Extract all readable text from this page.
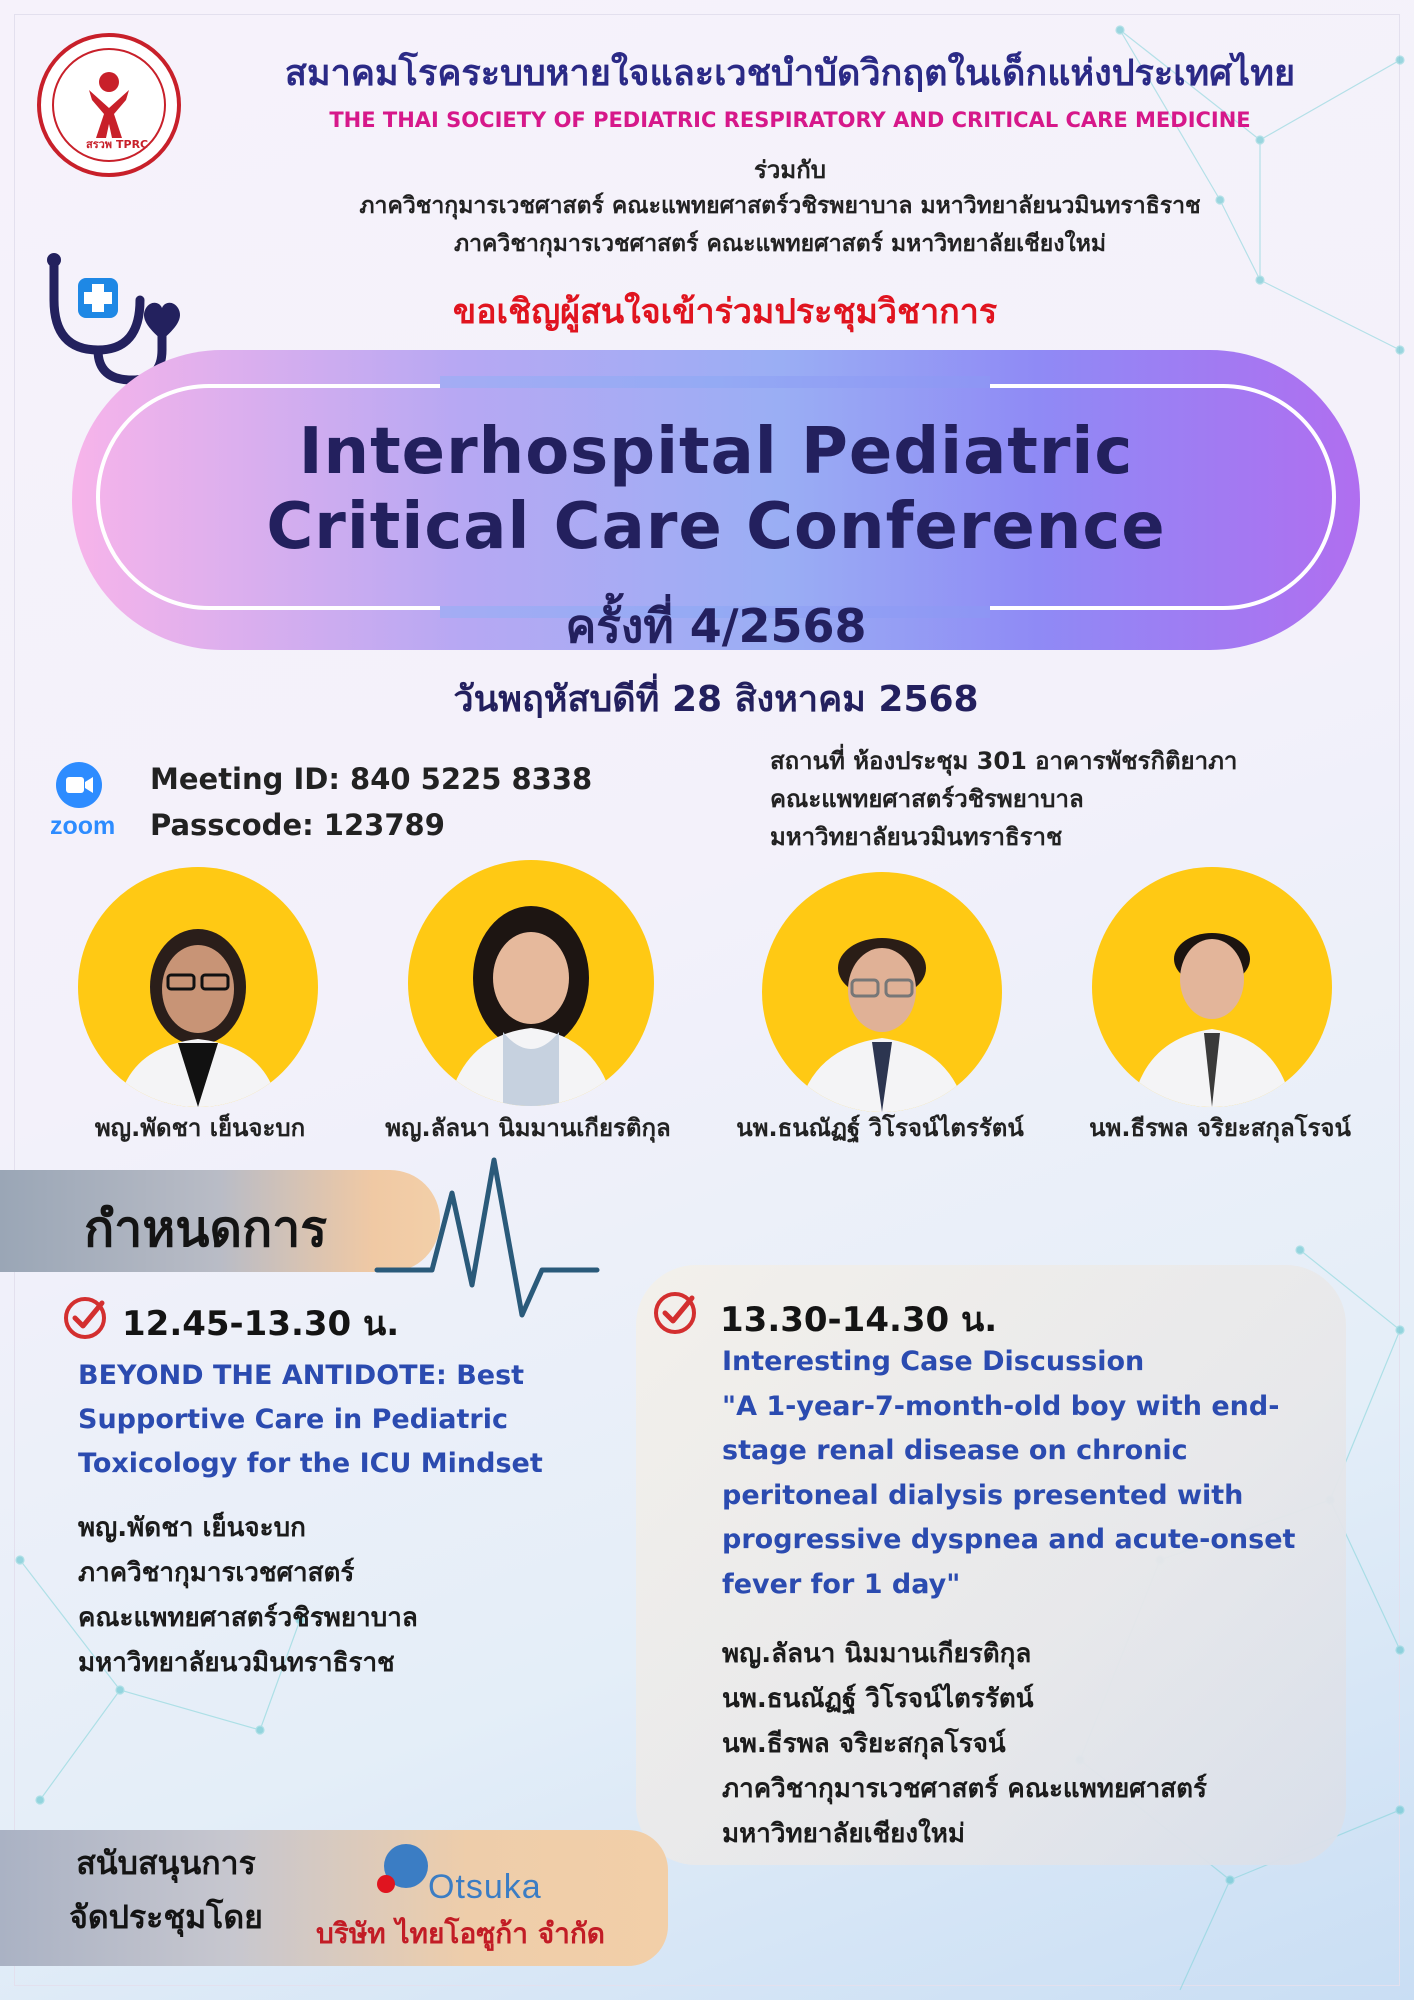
สรวพ TPRC
สมาคมโรคระบบหายใจและเวชบำบัดวิกฤตในเด็กแห่งประเทศไทย
THE THAI SOCIETY OF PEDIATRIC RESPIRATORY AND CRITICAL CARE MEDICINE
ร่วมกับ
ภาควิชากุมารเวชศาสตร์ คณะแพทยศาสตร์วชิรพยาบาล มหาวิทยาลัยนวมินทราธิราช
ภาควิชากุมารเวชศาสตร์ คณะแพทยศาสตร์ มหาวิทยาลัยเชียงใหม่
ขอเชิญผู้สนใจเข้าร่วมประชุมวิชาการ
Interhospital Pediatric
Critical Care Conference
ครั้งที่ 4/2568
วันพฤหัสบดีที่ 28 สิงหาคม 2568
zoom
Meeting ID: 840 5225 8338
Passcode: 123789
สถานที่ ห้องประชุม 301 อาคารพัชรกิติยาภา
คณะแพทยศาสตร์วชิรพยาบาล
มหาวิทยาลัยนวมินทราธิราช
พญ.พัดชา เย็นจะบก	พญ.ลัลนา นิมมานเกียรติกุล	นพ.ธนณัฏฐ์ วิโรจน์ไตรรัตน์	นพ.ธีรพล จริยะสกุลโรจน์
กำหนดการ
12.45-13.30 น.
BEYOND THE ANTIDOTE: Best
Supportive Care in Pediatric
Toxicology for the ICU Mindset
พญ.พัดชา เย็นจะบก
ภาควิชากุมารเวชศาสตร์
คณะแพทยศาสตร์วชิรพยาบาล
มหาวิทยาลัยนวมินทราธิราช
13.30-14.30 น.
Interesting Case Discussion
"A 1-year-7-month-old boy with end-
stage renal disease on chronic
peritoneal dialysis presented with
progressive dyspnea and acute-onset
fever for 1 day"
พญ.ลัลนา นิมมานเกียรติกุล
นพ.ธนณัฏฐ์ วิโรจน์ไตรรัตน์
นพ.ธีรพล จริยะสกุลโรจน์
ภาควิชากุมารเวชศาสตร์ คณะแพทยศาสตร์
มหาวิทยาลัยเชียงใหม่
สนับสนุนการ
จัดประชุมโดย
Otsuka
บริษัท ไทยโอซูก้า จำกัด
